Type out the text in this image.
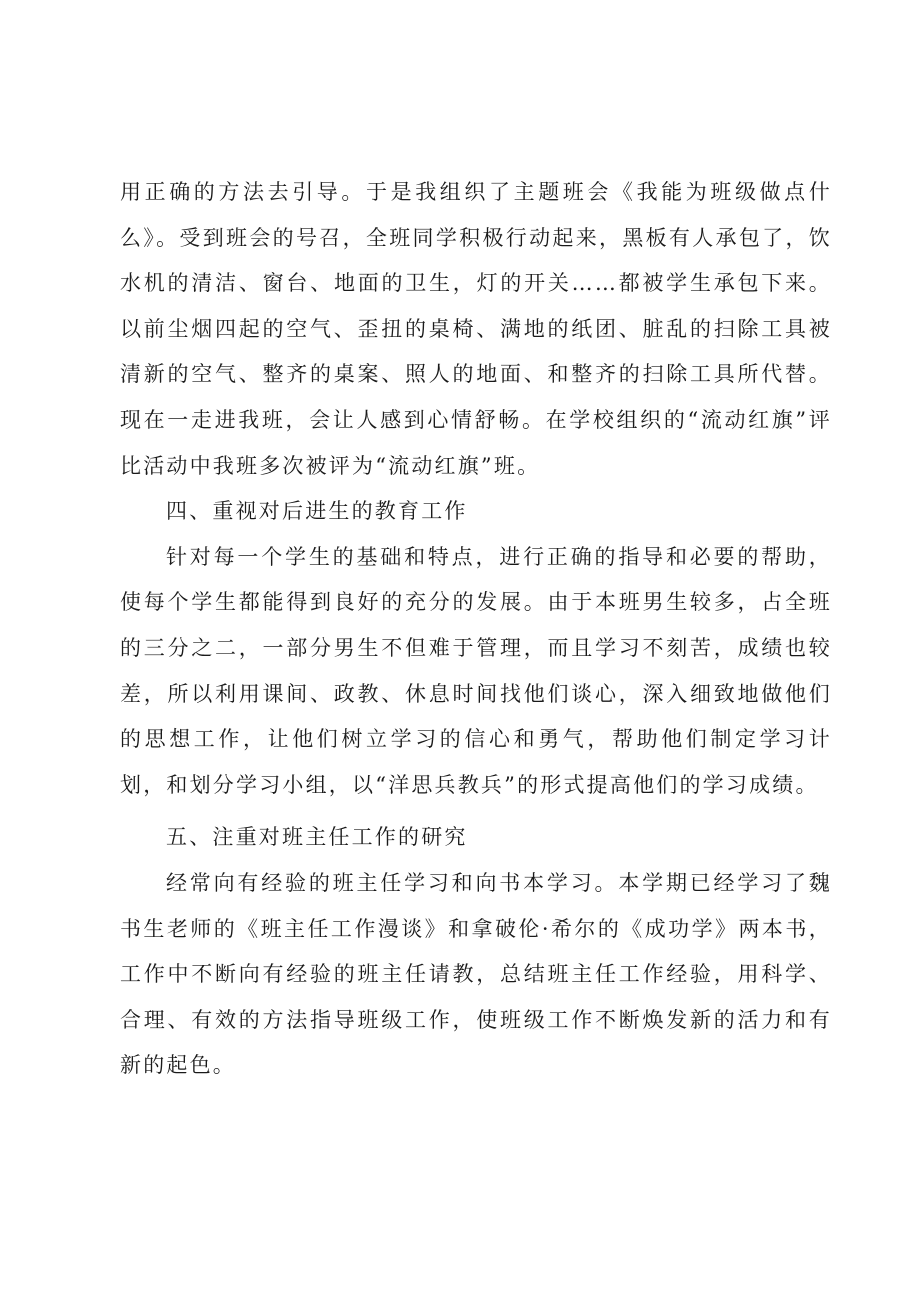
用正确的方法去引导。于是我组织了主题班会《我能为班级做点什么》。受到班会的号召，全班同学积极行动起来，黑板有人承包了，饮水机的清洁、窗台、地面的卫生，灯的开关……都被学生承包下来。以前尘烟四起的空气、歪扭的桌椅、满地的纸团、脏乱的扫除工具被清新的空气、整齐的桌案、照人的地面、和整齐的扫除工具所代替。现在一走进我班，会让人感到心情舒畅。在学校组织的“流动红旗”评比活动中我班多次被评为“流动红旗”班。

四、重视对后进生的教育工作

针对每一个学生的基础和特点，进行正确的指导和必要的帮助，使每个学生都能得到良好的充分的发展。由于本班男生较多，占全班的三分之二，一部分男生不但难于管理，而且学习不刻苦，成绩也较差，所以利用课间、政教、休息时间找他们谈心，深入细致地做他们的思想工作，让他们树立学习的信心和勇气，帮助他们制定学习计划，和划分学习小组，以“洋思兵教兵”的形式提高他们的学习成绩。

五、注重对班主任工作的研究

经常向有经验的班主任学习和向书本学习。本学期已经学习了魏书生老师的《班主任工作漫谈》和拿破伦·希尔的《成功学》两本书，工作中不断向有经验的班主任请教，总结班主任工作经验，用科学、合理、有效的方法指导班级工作，使班级工作不断焕发新的活力和有新的起色。
